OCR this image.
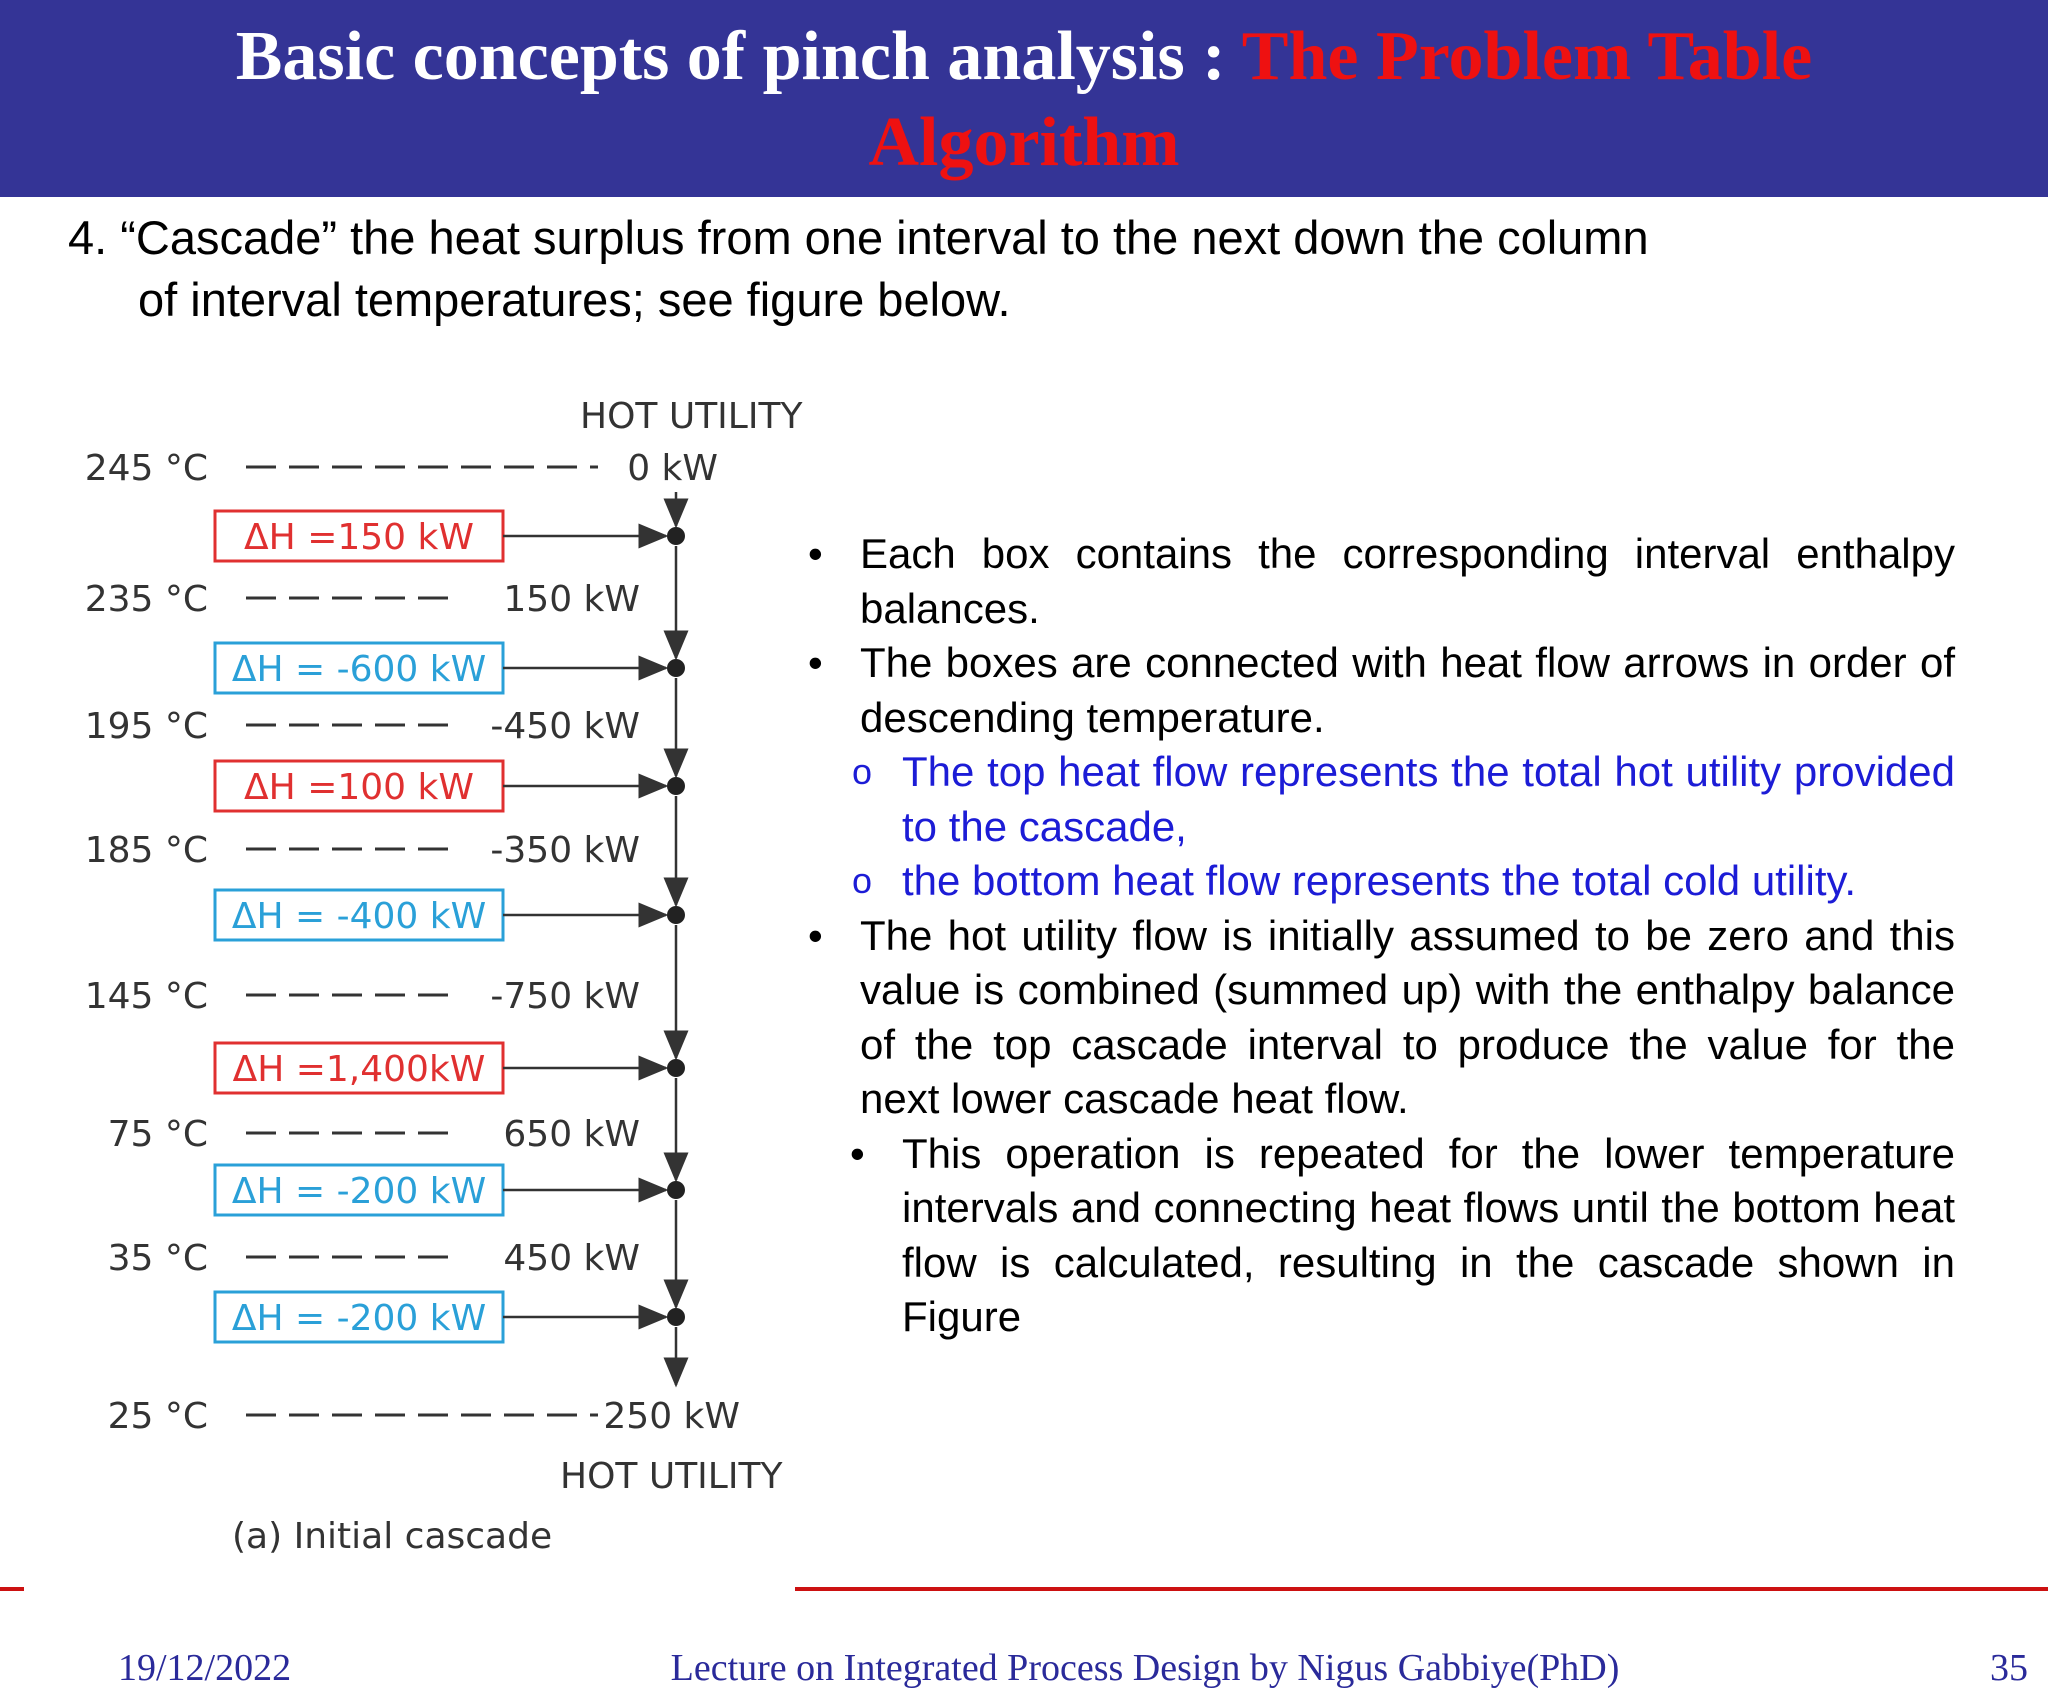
Basic concepts of pinch analysis : The Problem Table
Algorithm
4. “Cascade” the heat surplus from one interval to the next down the column
of interval temperatures; see figure below.
HOT UTILITY
HOT UTILITY
(a) Initial cascade
245 °C	0 kW
235 °C	150 kW
195 °C	-450 kW
185 °C	-350 kW
145 °C	-750 kW
75 °C	650 kW
35 °C	450 kW
25 °C	250 kW
ΔH =150 kW
ΔH = -600 kW
ΔH =100 kW
ΔH = -400 kW
ΔH =1,400kW
ΔH = -200 kW
ΔH = -200 kW
• Each box contains the corresponding interval enthalpy balances.
• The boxes are connected with heat flow arrows in order of descending temperature.
o The top heat flow represents the total hot utility provided to the cascade,
o the bottom heat flow represents the total cold utility.
• The hot utility flow is initially assumed to be zero and this value is combined (summed up) with the enthalpy balance of the top cascade interval to produce the value for the next lower cascade heat flow.
• This operation is repeated for the lower temperature intervals and connecting heat flows until the bottom heat flow is calculated, resulting in the cascade shown in Figure
19/12/2022	Lecture on Integrated Process Design by Nigus Gabbiye(PhD)	35
